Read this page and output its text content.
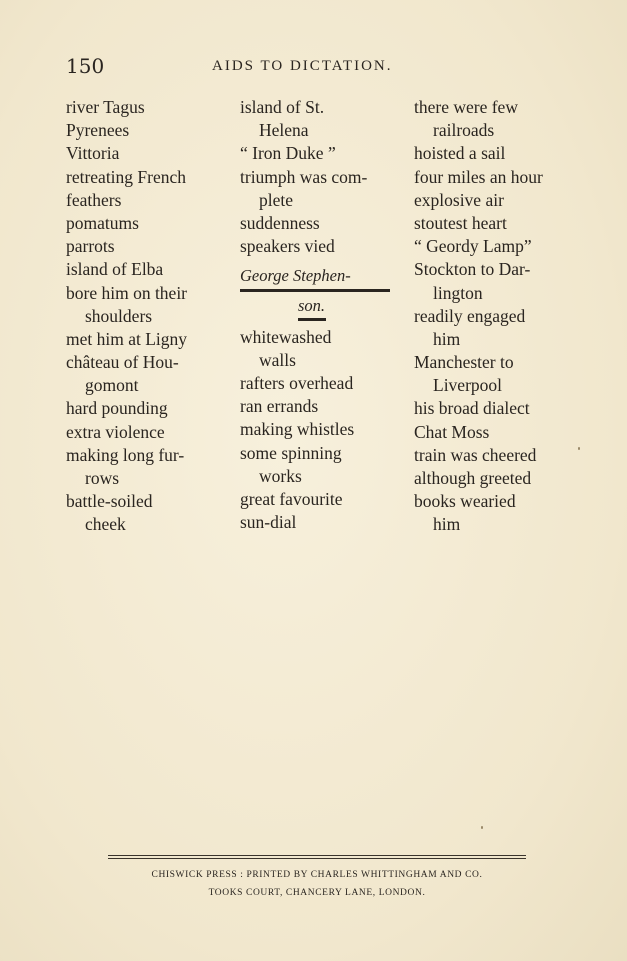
150	AIDS TO DICTATION.
river Tagus
Pyrenees
Vittoria
retreating French
feathers
pomatums
parrots
island of Elba
bore him on their
shoulders
met him at Ligny
château of Hou-
gomont
hard pounding
extra violence
making long fur-
rows
battle-soiled
cheek
island of St.
Helena
“ Iron Duke ”
triumph was com-
plete
suddenness
speakers vied
George Stephen-
son.
whitewashed
walls
rafters overhead
ran errands
making whistles
some spinning
works
great favourite
sun-dial
there were few
railroads
hoisted a sail
four miles an hour
explosive air
stoutest heart
“ Geordy Lamp”
Stockton to Dar-
lington
readily engaged
him
Manchester to
Liverpool
his broad dialect
Chat Moss
train was cheered
although greeted
books wearied
him
CHISWICK PRESS : PRINTED BY CHARLES WHITTINGHAM AND CO.
TOOKS COURT, CHANCERY LANE, LONDON.
